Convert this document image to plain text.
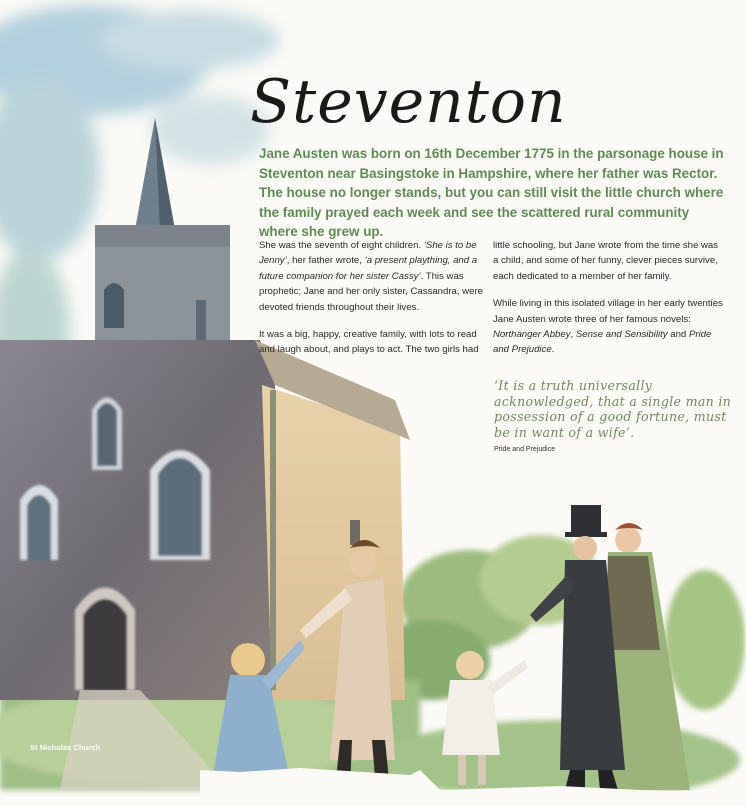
Steventon
Jane Austen was born on 16th December 1775 in the parsonage house in Steventon near Basingstoke in Hampshire, where her father was Rector. The house no longer stands, but you can still visit the little church where the family prayed each week and see the scattered rural community where she grew up.

She was the seventh of eight children. ‘She is to be Jenny’, her father wrote, ‘a present plaything, and a future companion for her sister Cassy’. This was prophetic; Jane and her only sister, Cassandra, were devoted friends throughout their lives.

It was a big, happy, creative family, with lots to read and laugh about, and plays to act. The two girls had

little schooling, but Jane wrote from the time she was a child, and some of her funny, clever pieces survive, each dedicated to a member of her family.

While living in this isolated village in her early twenties Jane Austen wrote three of her famous novels: Northanger Abbey, Sense and Sensibility and Pride and Prejudice.

‘It is a truth universally acknowledged, that a single man in possession of a good fortune, must be in want of a wife’.
Pride and Prejudice
St Nicholas Church
